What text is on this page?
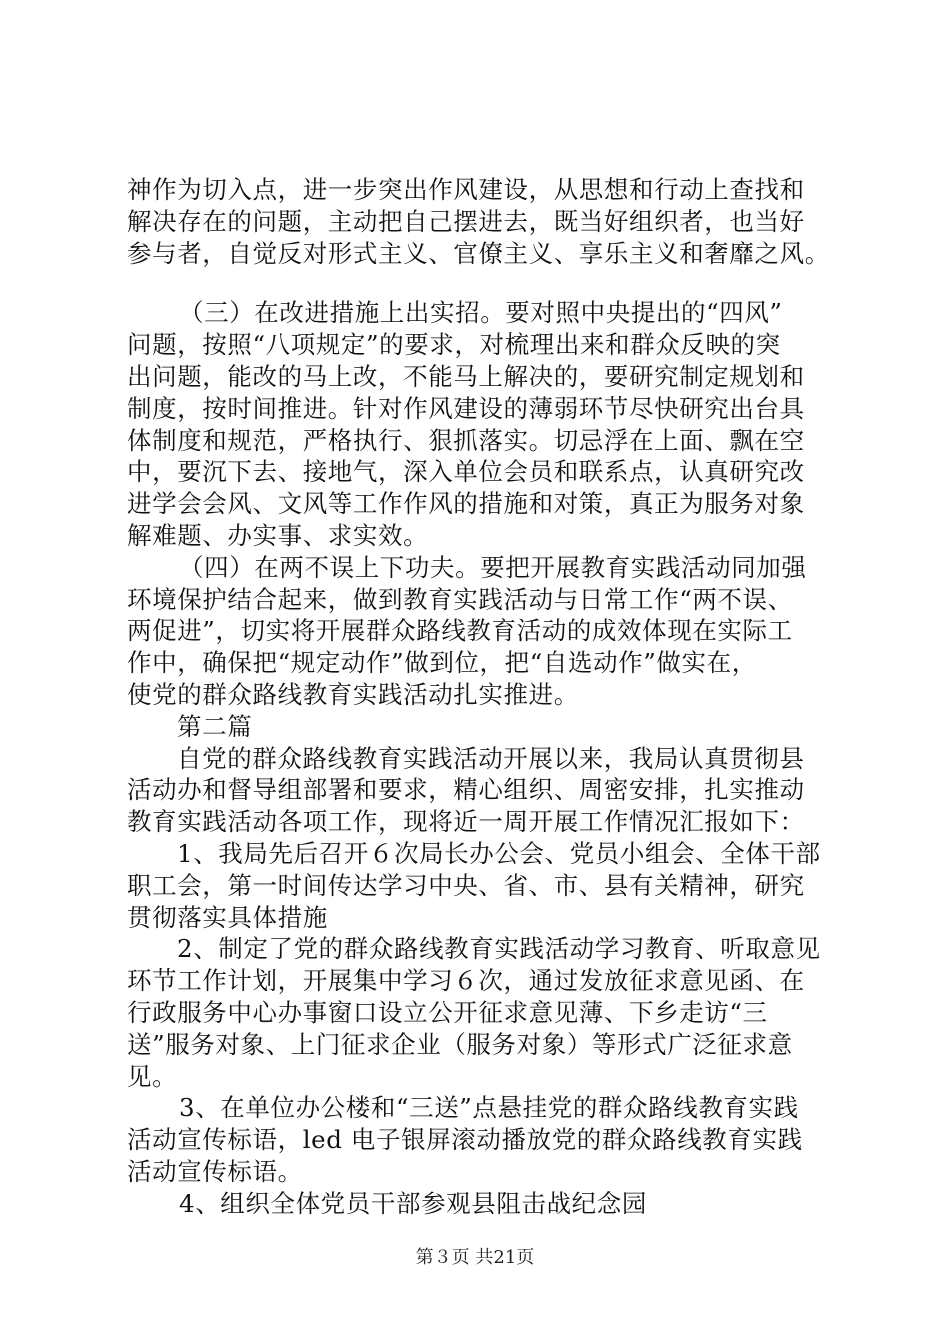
神作为切入点，进一步突出作风建设，从思想和行动上查找和
解决存在的问题，主动把自己摆进去，既当好组织者，也当好
参与者，自觉反对形式主义、官僚主义、享乐主义和奢靡之风。
（三）在改进措施上出实招。要对照中央提出的“四风”
问题，按照“八项规定”的要求，对梳理出来和群众反映的突
出问题，能改的马上改，不能马上解决的，要研究制定规划和
制度，按时间推进。针对作风建设的薄弱环节尽快研究出台具
体制度和规范，严格执行、狠抓落实。切忌浮在上面、飘在空
中，要沉下去、接地气，深入单位会员和联系点，认真研究改
进学会会风、文风等工作作风的措施和对策，真正为服务对象
解难题、办实事、求实效。
（四）在两不误上下功夫。要把开展教育实践活动同加强
环境保护结合起来，做到教育实践活动与日常工作“两不误、
两促进”，切实将开展群众路线教育活动的成效体现在实际工
作中，确保把“规定动作”做到位，把“自选动作”做实在，
使党的群众路线教育实践活动扎实推进。
第二篇
自党的群众路线教育实践活动开展以来，我局认真贯彻县
活动办和督导组部署和要求，精心组织、周密安排，扎实推动
教育实践活动各项工作，现将近一周开展工作情况汇报如下：
1、我局先后召开６次局长办公会、党员小组会、全体干部
职工会，第一时间传达学习中央、省、市、县有关精神，研究
贯彻落实具体措施
2、制定了党的群众路线教育实践活动学习教育、听取意见
环节工作计划，开展集中学习６次，通过发放征求意见函、在
行政服务中心办事窗口设立公开征求意见薄、下乡走访“三
送”服务对象、上门征求企业（服务对象）等形式广泛征求意
见。
3、在单位办公楼和“三送”点悬挂党的群众路线教育实践
活动宣传标语，led 电子银屏滚动播放党的群众路线教育实践
活动宣传标语。
4、组织全体党员干部参观县阻击战纪念园
第３页 共21页
